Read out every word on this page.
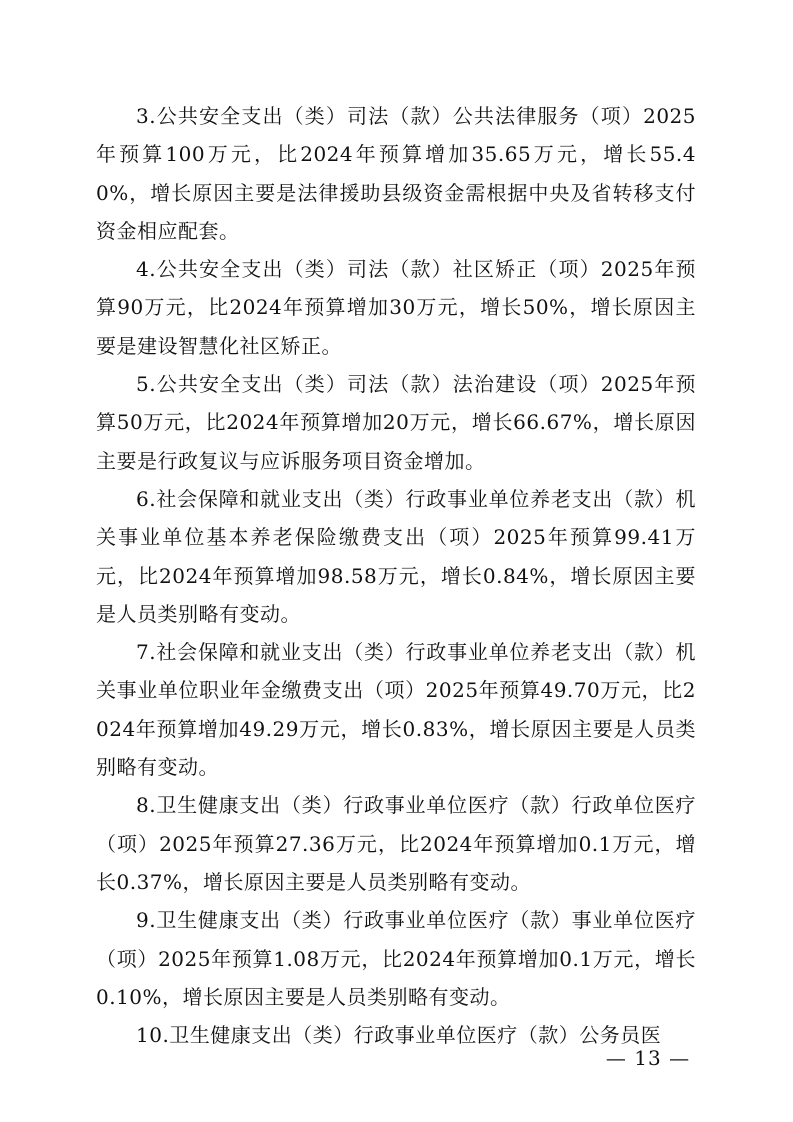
3.公共安全支出（类）司法（款）公共法律服务（项）2025年预算100万元，比2024年预算增加35.65万元，增长55.40%，增长原因主要是法律援助县级资金需根据中央及省转移支付资金相应配套。

4.公共安全支出（类）司法（款）社区矫正（项）2025年预算90万元，比2024年预算增加30万元，增长50%，增长原因主要是建设智慧化社区矫正。

5.公共安全支出（类）司法（款）法治建设（项）2025年预算50万元，比2024年预算增加20万元，增长66.67%，增长原因主要是行政复议与应诉服务项目资金增加。

6.社会保障和就业支出（类）行政事业单位养老支出（款）机关事业单位基本养老保险缴费支出（项）2025年预算99.41万元，比2024年预算增加98.58万元，增长0.84%，增长原因主要是人员类别略有变动。

7.社会保障和就业支出（类）行政事业单位养老支出（款）机关事业单位职业年金缴费支出（项）2025年预算49.70万元，比2024年预算增加49.29万元，增长0.83%，增长原因主要是人员类别略有变动。

8.卫生健康支出（类）行政事业单位医疗（款）行政单位医疗（项）2025年预算27.36万元，比2024年预算增加0.1万元，增长0.37%，增长原因主要是人员类别略有变动。

9.卫生健康支出（类）行政事业单位医疗（款）事业单位医疗（项）2025年预算1.08万元，比2024年预算增加0.1万元，增长0.10%，增长原因主要是人员类别略有变动。

10.卫生健康支出（类）行政事业单位医疗（款）公务员医

— 13 —
